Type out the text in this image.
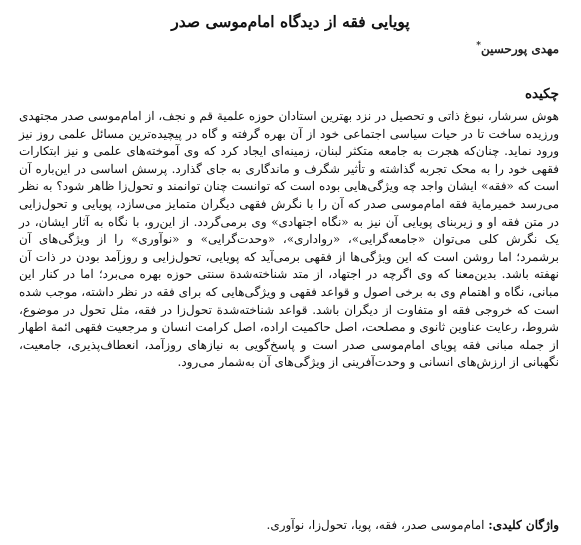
پویایی فقه از دیدگاه امام‌موسی صدر
مهدی پورحسین*
چکیده

هوش سرشار، نبوغ ذاتی و تحصیل در نزد بهترین استادان حوزه علمیة قم و نجف، از امام‌موسی صدر مجتهدی ورزیده ساخت تا در حیات سیاسی اجتماعی خود از آن بهره گرفته و گاه در پیچیده‌ترین مسائل علمی روز نیز ورود نماید. چنان‌که هجرت به جامعه متکثر لبنان، زمینه‌ای ایجاد کرد که وی آموخته‌های علمی و نیز ابتکارات فقهی خود را به محک تجربه گذاشته و تأثیر شگرف و ماندگاری به جای گذارد. پرسش اساسی در این‌باره آن است که «فقه» ایشان واجد چه ویژگی‌هایی بوده است که توانست چنان توانمند و تحول‌زا ظاهر شود؟ به نظر می‌رسد خمیرمایة فقه امام‌موسی صدر که آن را با نگرش فقهی دیگران متمایز می‌سازد، پویایی و تحول‌زایی در متن فقه او و زیربنای پویایی آن نیز به «نگاه اجتهادی» وی برمی‌گردد. از این‌رو، با نگاه به آثار ایشان، در یک نگرش کلی می‌توان «جامعه‌گرایی»، «روادار‌ی»، «وحدت‌گرایی» و «نوآوری» را از ویژگی‌های آن برشمرد؛ اما روشن است که این ویژگی‌ها از فقهی برمی‌آید که پویایی، تحول‌زایی و روزآمد بودن در ذات آن نهفته باشد. بدین‌معنا که وی اگرچه در اجتهاد، از متد شناخته‌شدة سنتی حوزه بهره می‌برد؛ اما در کنار این مبانی، نگاه و اهتمام وی به برخی اصول و قواعد فقهی و ویژگی‌هایی که برای فقه در نظر داشته، موجب شده است که خروجی فقه او متفاوت از دیگران باشد. قواعد شناخته‌شدة تحول‌زا در فقه، مثل تحول در موضوع، شروط، رعایت عناوین ثانوی و مصلحت، اصل حاکمیت اراده، اصل کرامت انسان و مرجعیت فقهی ائمة اطهار از جمله مبانی فقه پویای امام‌موسی صدر است و پاسخ‌گویی به نیازهای روزآمد، انعطاف‌پذیری، جامعیت، نگهبانی از ارزش‌های انسانی و وحدت‌آفرینی از ویژگی‌های آن به‌شمار می‌رود.

واژگان کلیدی: امام‌موسی صدر، فقه، پویا، تحول‌زا، نوآوری.
